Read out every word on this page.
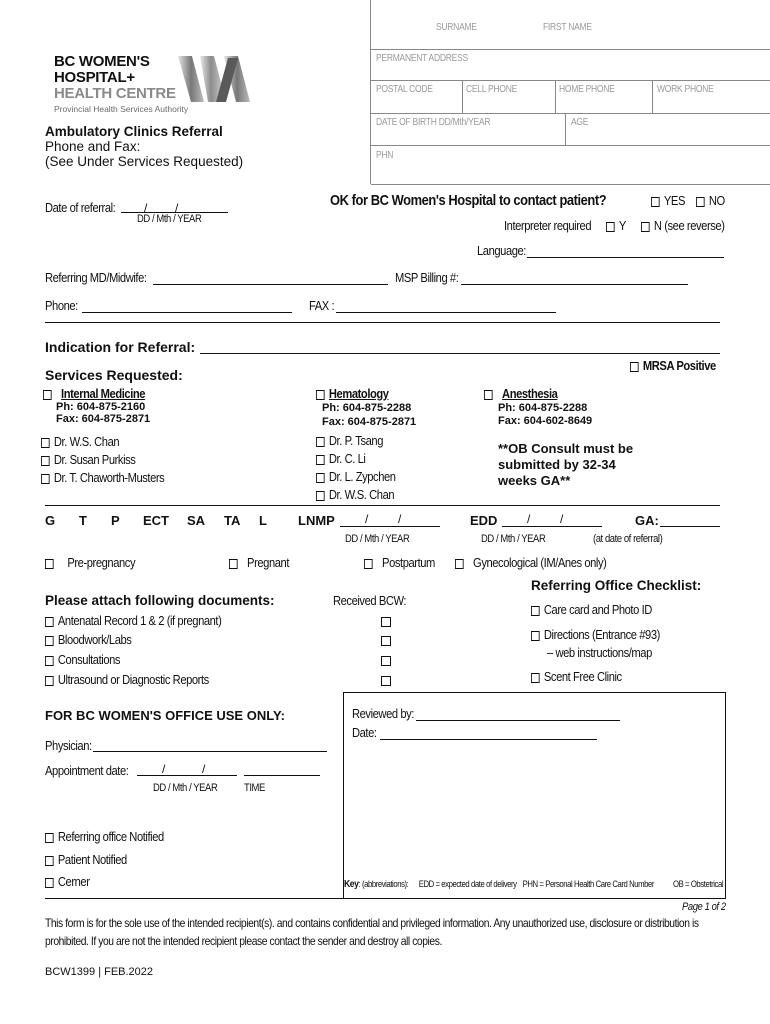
BC WOMEN'S
HOSPITAL+
HEALTH CENTRE
Provincial Health Services Authority
Ambulatory Clinics Referral
Phone and Fax:
(See Under Services Requested)
SURNAME	FIRST NAME
PERMANENT ADDRESS
POSTAL CODE	CELL PHONE	HOME PHONE	WORK PHONE
DATE OF BIRTH DD/Mth/YEAR	AGE
PHN
Date of referral: / /
DD / Mth / YEAR
OK for BC Women's Hospital to contact patient?	YES	NO
Interpreter required	Y	N (see reverse)
Language:
Referring MD/Midwife:	MSP Billing #:
Phone:	FAX :
Indication for Referral:
MRSA Positive
Services Requested:
Internal Medicine
Ph: 604-875-2160
Fax: 604-875-2871
Dr. W.S. Chan
Dr. Susan Purkiss
Dr. T. Chaworth-Musters
Hematology
Ph: 604-875-2288
Fax: 604-875-2871
Dr. P. Tsang
Dr. C. Li
Dr. L. Zypchen
Dr. W.S. Chan
Anesthesia
Ph: 604-875-2288
Fax: 604-602-8649
**OB Consult must be
submitted by 32-34
weeks GA**
G T P ECT SA TA L LNMP	/ /
DD / Mth / YEAR
EDD / /
DD / Mth / YEAR
GA:
(at date of referral)
Pre-pregnancy	Pregnant	Postpartum	Gynecological (IM/Anes only)
Referring Office Checklist:
Care card and Photo ID
Directions (Entrance #93)
– web instructions/map
Scent Free Clinic
Please attach following documents:	Received BCW:
Antenatal Record 1 & 2 (if pregnant)
Bloodwork/Labs
Consultations
Ultrasound or Diagnostic Reports
FOR BC WOMEN'S OFFICE USE ONLY:
Physician:
Appointment date:	/	/
DD / Mth / YEAR TIME
Referring office Notified
Patient Notified
Cerner
Reviewed by:
Date:
Key: (abbreviations): EDD = expected date of delivery PHN = Personal Health Care Card Number OB = Obstetrical
Page 1 of 2
This form is for the sole use of the intended recipient(s). and contains confidential and privileged information. Any unauthorized use, disclosure or distribution is
prohibited. If you are not the intended recipient please contact the sender and destroy all copies.
BCW1399 | FEB.2022
